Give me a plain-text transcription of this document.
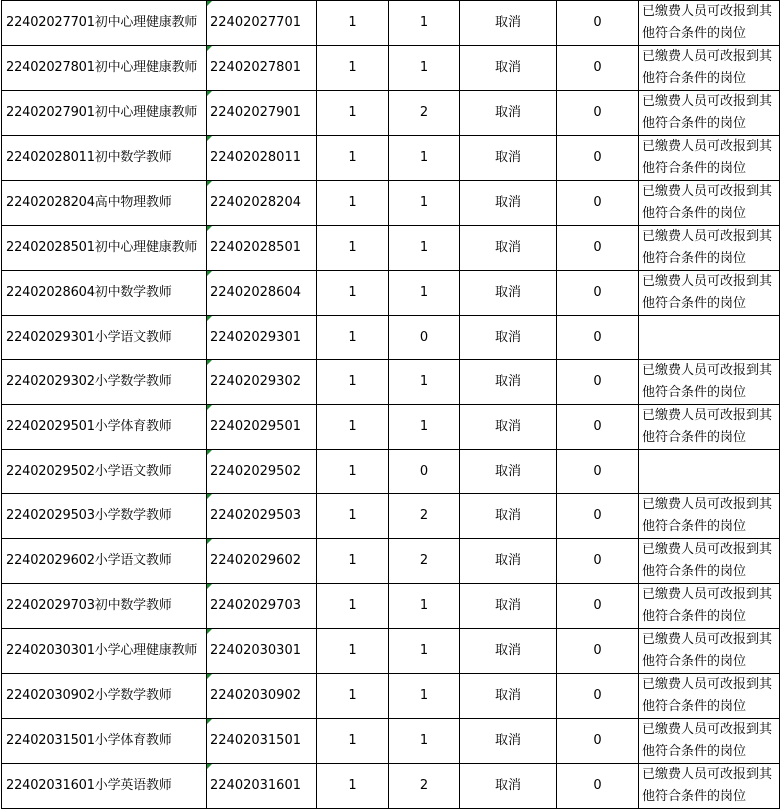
22402027701初中心理健康教师	22402027701	1	1	取消	0	已缴费人员可改报到其他符合条件的岗位
22402027801初中心理健康教师	22402027801	1	1	取消	0	已缴费人员可改报到其他符合条件的岗位
22402027901初中心理健康教师	22402027901	1	2	取消	0	已缴费人员可改报到其他符合条件的岗位
22402028011初中数学教师	22402028011	1	1	取消	0	已缴费人员可改报到其他符合条件的岗位
22402028204高中物理教师	22402028204	1	1	取消	0	已缴费人员可改报到其他符合条件的岗位
22402028501初中心理健康教师	22402028501	1	1	取消	0	已缴费人员可改报到其他符合条件的岗位
22402028604初中数学教师	22402028604	1	1	取消	0	已缴费人员可改报到其他符合条件的岗位
22402029301小学语文教师	22402029301	1	0	取消	0	
22402029302小学数学教师	22402029302	1	1	取消	0	已缴费人员可改报到其他符合条件的岗位
22402029501小学体育教师	22402029501	1	1	取消	0	已缴费人员可改报到其他符合条件的岗位
22402029502小学语文教师	22402029502	1	0	取消	0	
22402029503小学数学教师	22402029503	1	2	取消	0	已缴费人员可改报到其他符合条件的岗位
22402029602小学语文教师	22402029602	1	2	取消	0	已缴费人员可改报到其他符合条件的岗位
22402029703初中数学教师	22402029703	1	1	取消	0	已缴费人员可改报到其他符合条件的岗位
22402030301小学心理健康教师	22402030301	1	1	取消	0	已缴费人员可改报到其他符合条件的岗位
22402030902小学数学教师	22402030902	1	1	取消	0	已缴费人员可改报到其他符合条件的岗位
22402031501小学体育教师	22402031501	1	1	取消	0	已缴费人员可改报到其他符合条件的岗位
22402031601小学英语教师	22402031601	1	2	取消	0	已缴费人员可改报到其他符合条件的岗位
